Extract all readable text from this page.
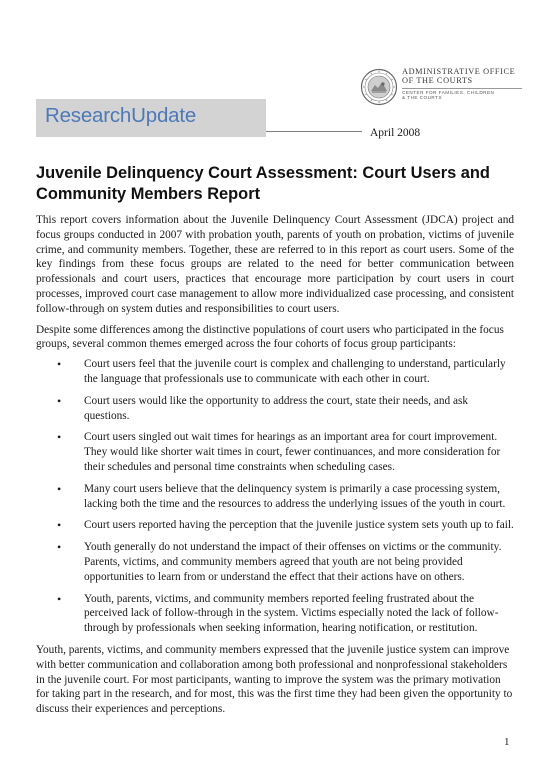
ADMINISTRATIVE OFFICE
OF THE COURTS
CENTER FOR FAMILIES, CHILDREN
& THE COURTS
ResearchUpdate
April 2008
Juvenile Delinquency Court Assessment: Court Users and Community Members Report

This report covers information about the Juvenile Delinquency Court Assessment (JDCA) project and focus groups conducted in 2007 with probation youth, parents of youth on probation, victims of juvenile crime, and community members. Together, these are referred to in this report as court users. Some of the key findings from these focus groups are related to the need for better communication between professionals and court users, practices that encourage more participation by court users in court processes, improved court case management to allow more individualized case processing, and consistent follow-through on system duties and responsibilities to court users.

Despite some differences among the distinctive populations of court users who participated in the focus groups, several common themes emerged across the four cohorts of focus group participants:

• Court users feel that the juvenile court is complex and challenging to understand, particularly the language that professionals use to communicate with each other in court.
• Court users would like the opportunity to address the court, state their needs, and ask questions.
• Court users singled out wait times for hearings as an important area for court improvement. They would like shorter wait times in court, fewer continuances, and more consideration for their schedules and personal time constraints when scheduling cases.
• Many court users believe that the delinquency system is primarily a case processing system, lacking both the time and the resources to address the underlying issues of the youth in court.
• Court users reported having the perception that the juvenile justice system sets youth up to fail.
• Youth generally do not understand the impact of their offenses on victims or the community. Parents, victims, and community members agreed that youth are not being provided opportunities to learn from or understand the effect that their actions have on others.
• Youth, parents, victims, and community members reported feeling frustrated about the perceived lack of follow-through in the system. Victims especially noted the lack of follow-through by professionals when seeking information, hearing notification, or restitution.

Youth, parents, victims, and community members expressed that the juvenile justice system can improve with better communication and collaboration among both professional and nonprofessional stakeholders in the juvenile court. For most participants, wanting to improve the system was the primary motivation for taking part in the research, and for most, this was the first time they had been given the opportunity to discuss their experiences and perceptions.

1
